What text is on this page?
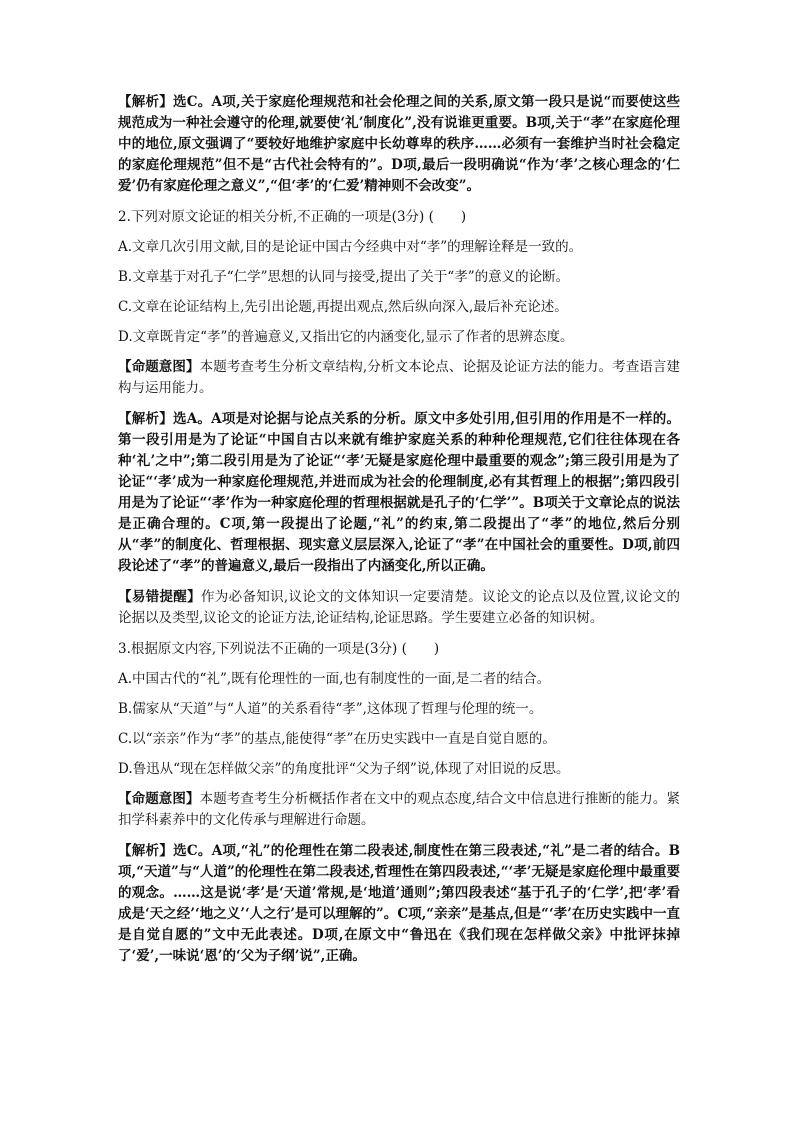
【解析】选C。A项,关于家庭伦理规范和社会伦理之间的关系,原文第一段只是说“而要使这些规范成为一种社会遵守的伦理,就要使‘礼’制度化”,没有说谁更重要。B项,关于“孝”在家庭伦理中的地位,原文强调了“要较好地维护家庭中长幼尊卑的秩序……必须有一套维护当时社会稳定的家庭伦理规范”但不是“古代社会特有的”。D项,最后一段明确说“作为‘孝’之核心理念的‘仁爱’仍有家庭伦理之意义”,“但‘孝’的‘仁爱’精神则不会改变”。

2.下列对原文论证的相关分析,不正确的一项是(3分) (　　)

A.文章几次引用文献,目的是论证中国古今经典中对“孝”的理解诠释是一致的。

B.文章基于对孔子“仁学”思想的认同与接受,提出了关于“孝”的意义的论断。

C.文章在论证结构上,先引出论题,再提出观点,然后纵向深入,最后补充论述。

D.文章既肯定“孝”的普遍意义,又指出它的内涵变化,显示了作者的思辨态度。

【命题意图】本题考查考生分析文章结构,分析文本论点、论据及论证方法的能力。考查语言建构与运用能力。

【解析】选A。A项是对论据与论点关系的分析。原文中多处引用,但引用的作用是不一样的。第一段引用是为了论证“中国自古以来就有维护家庭关系的种种伦理规范,它们往往体现在各种‘礼’之中”;第二段引用是为了论证“‘孝’无疑是家庭伦理中最重要的观念”;第三段引用是为了论证“‘孝’成为一种家庭伦理规范,并进而成为社会的伦理制度,必有其哲理上的根据”;第四段引用是为了论证“‘孝’作为一种家庭伦理的哲理根据就是孔子的‘仁学’”。B项关于文章论点的说法是正确合理的。C项,第一段提出了论题,“礼”的约束,第二段提出了“孝”的地位,然后分别从“孝”的制度化、哲理根据、现实意义层层深入,论证了“孝”在中国社会的重要性。D项,前四段论述了“孝”的普遍意义,最后一段指出了内涵变化,所以正确。

【易错提醒】作为必备知识,议论文的文体知识一定要清楚。议论文的论点以及位置,议论文的论据以及类型,议论文的论证方法,论证结构,论证思路。学生要建立必备的知识树。

3.根据原文内容,下列说法不正确的一项是(3分) (　　)

A.中国古代的“礼”,既有伦理性的一面,也有制度性的一面,是二者的结合。

B.儒家从“天道”与“人道”的关系看待“孝”,这体现了哲理与伦理的统一。

C.以“亲亲”作为“孝”的基点,能使得“孝”在历史实践中一直是自觉自愿的。

D.鲁迅从“现在怎样做父亲”的角度批评“父为子纲”说,体现了对旧说的反思。

【命题意图】本题考查考生分析概括作者在文中的观点态度,结合文中信息进行推断的能力。紧扣学科素养中的文化传承与理解进行命题。

【解析】选C。A项,“礼”的伦理性在第二段表述,制度性在第三段表述,“礼”是二者的结合。B项,“天道”与“人道”的伦理性在第二段表述,哲理性在第四段表述,“‘孝’无疑是家庭伦理中最重要的观念。……这是说‘孝’是‘天道’常规,是‘地道’通则”;第四段表述“基于孔子的‘仁学’,把‘孝’看成是‘天之经’‘地之义’‘人之行’是可以理解的”。C项,“亲亲”是基点,但是“‘孝’在历史实践中一直是自觉自愿的”文中无此表述。D项,在原文中“鲁迅在《我们现在怎样做父亲》中批评抹掉了‘爱’,一味说‘恩’的‘父为子纲’说”,正确。
